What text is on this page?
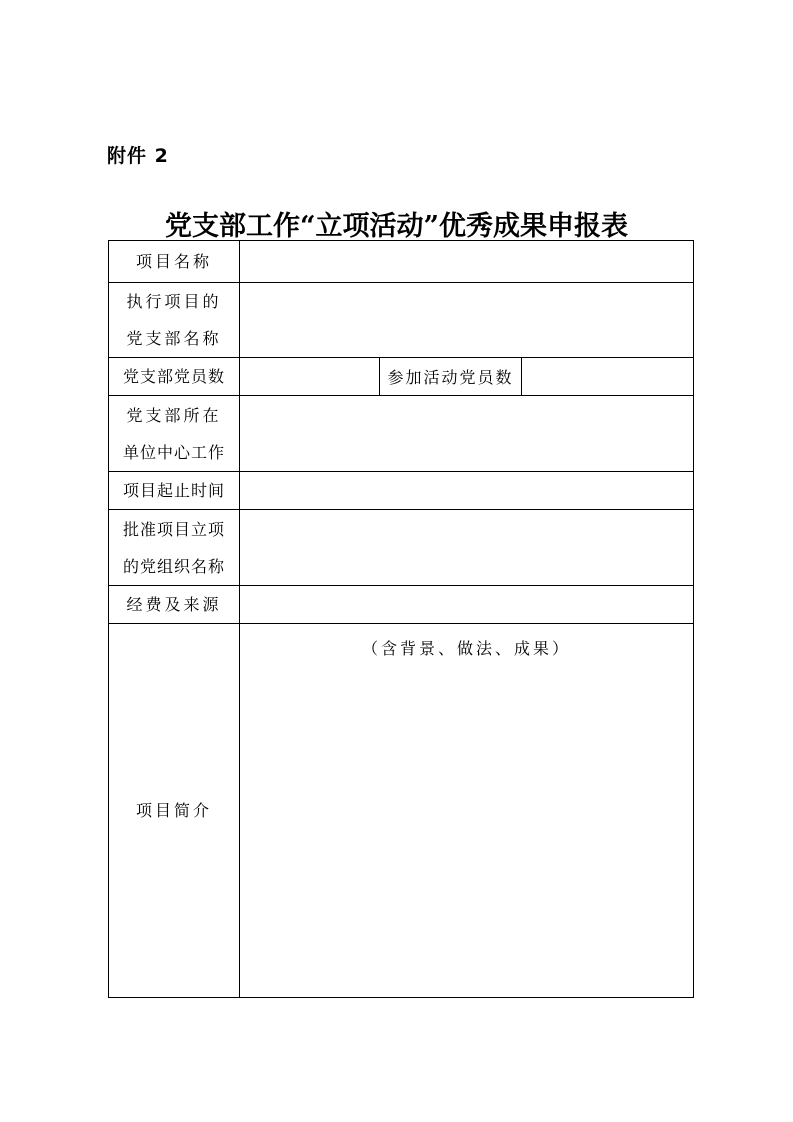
附件 2
党支部工作“立项活动”优秀成果申报表
项目名称			

执行项目的
党支部名称			

党支部党员数		参加活动党员数	

党支部所在
单位中心工作			

项目起止时间			

批准项目立项
的党组织名称			

经费及来源			

项目简介	（含背景、做法、成果）		
